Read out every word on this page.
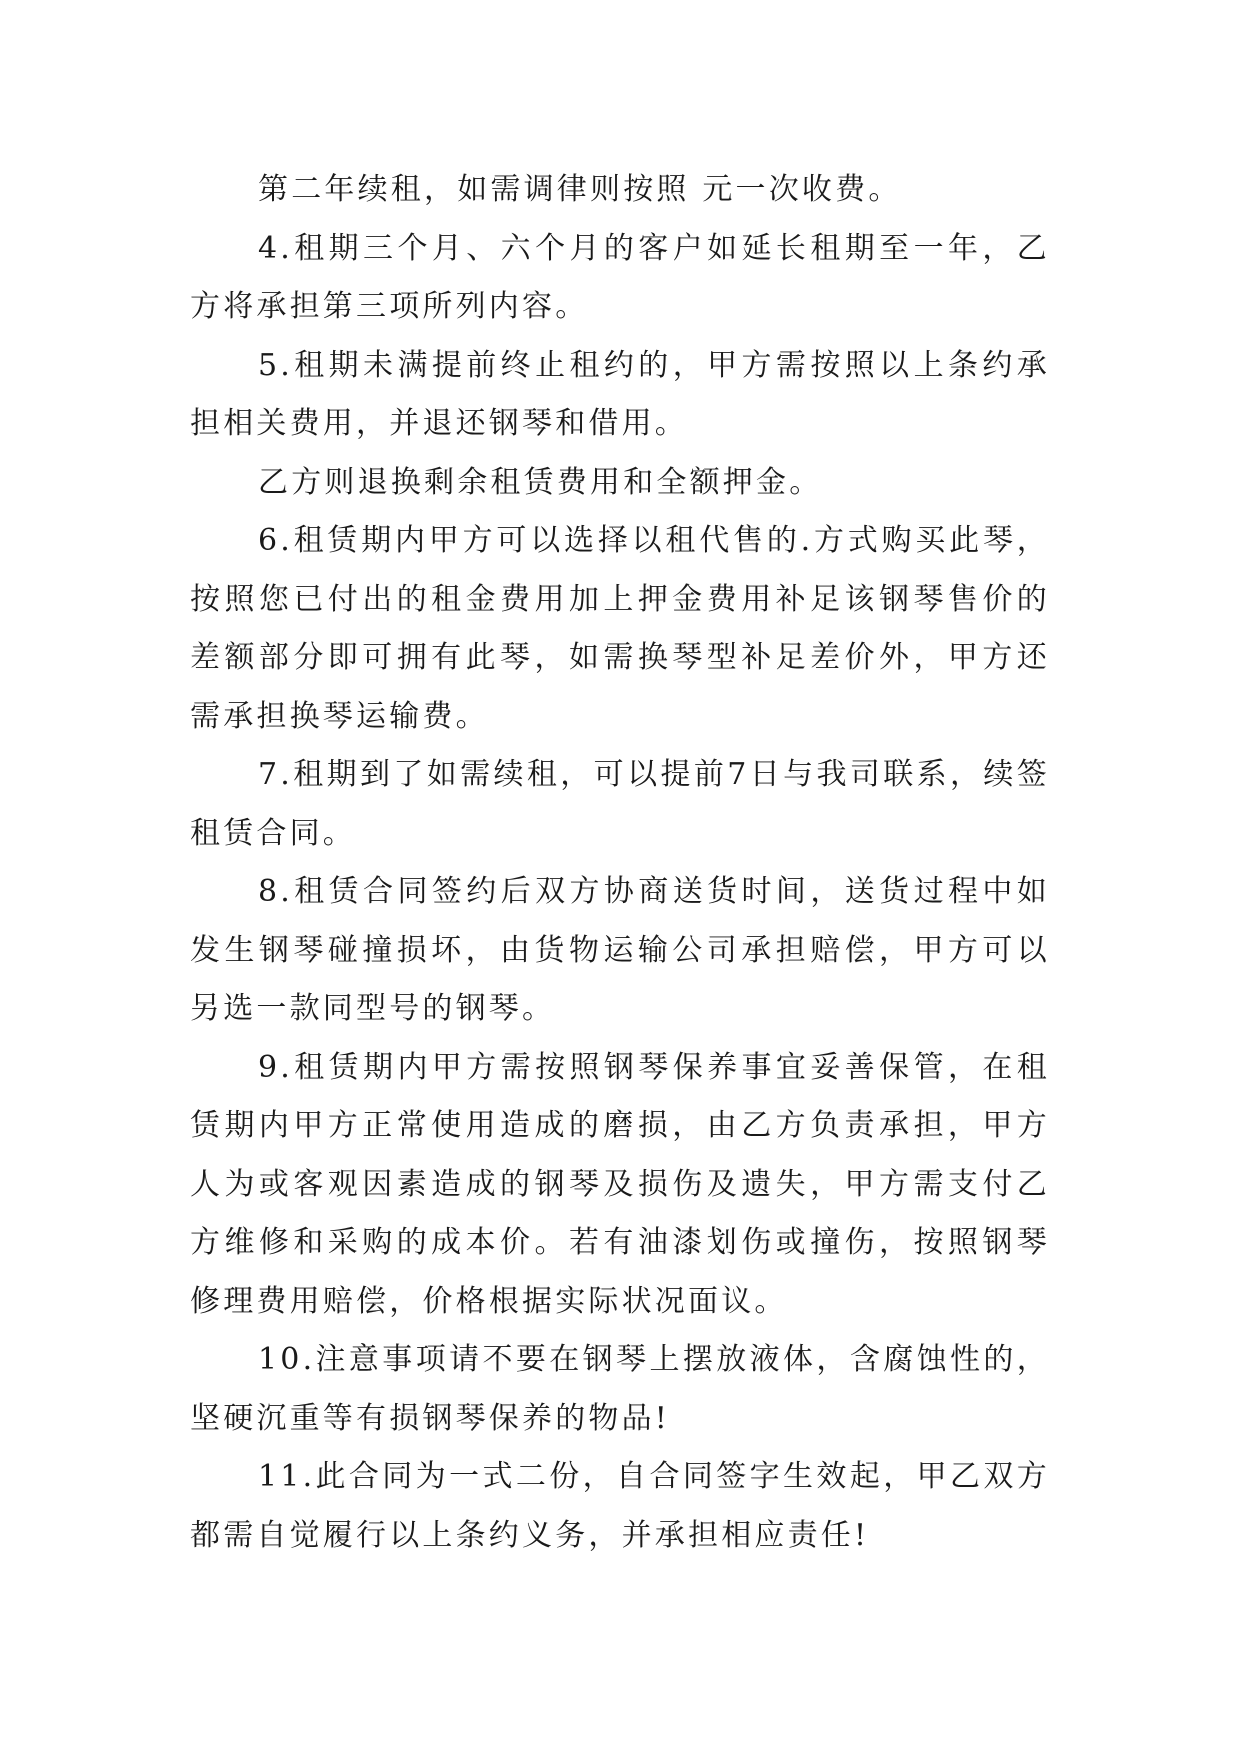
第二年续租，如需调律则按照 元一次收费。

4.租期三个月、六个月的客户如延长租期至一年，乙方将承担第三项所列内容。

5.租期未满提前终止租约的，甲方需按照以上条约承担相关费用，并退还钢琴和借用。

乙方则退换剩余租赁费用和全额押金。

6.租赁期内甲方可以选择以租代售的.方式购买此琴，按照您已付出的租金费用加上押金费用补足该钢琴售价的差额部分即可拥有此琴，如需换琴型补足差价外，甲方还需承担换琴运输费。

7.租期到了如需续租，可以提前7日与我司联系，续签租赁合同。

8.租赁合同签约后双方协商送货时间，送货过程中如发生钢琴碰撞损坏，由货物运输公司承担赔偿，甲方可以另选一款同型号的钢琴。

9.租赁期内甲方需按照钢琴保养事宜妥善保管，在租赁期内甲方正常使用造成的磨损，由乙方负责承担，甲方人为或客观因素造成的钢琴及损伤及遗失，甲方需支付乙方维修和采购的成本价。若有油漆划伤或撞伤，按照钢琴修理费用赔偿，价格根据实际状况面议。

10.注意事项请不要在钢琴上摆放液体，含腐蚀性的，坚硬沉重等有损钢琴保养的物品!

11.此合同为一式二份，自合同签字生效起，甲乙双方都需自觉履行以上条约义务，并承担相应责任!
